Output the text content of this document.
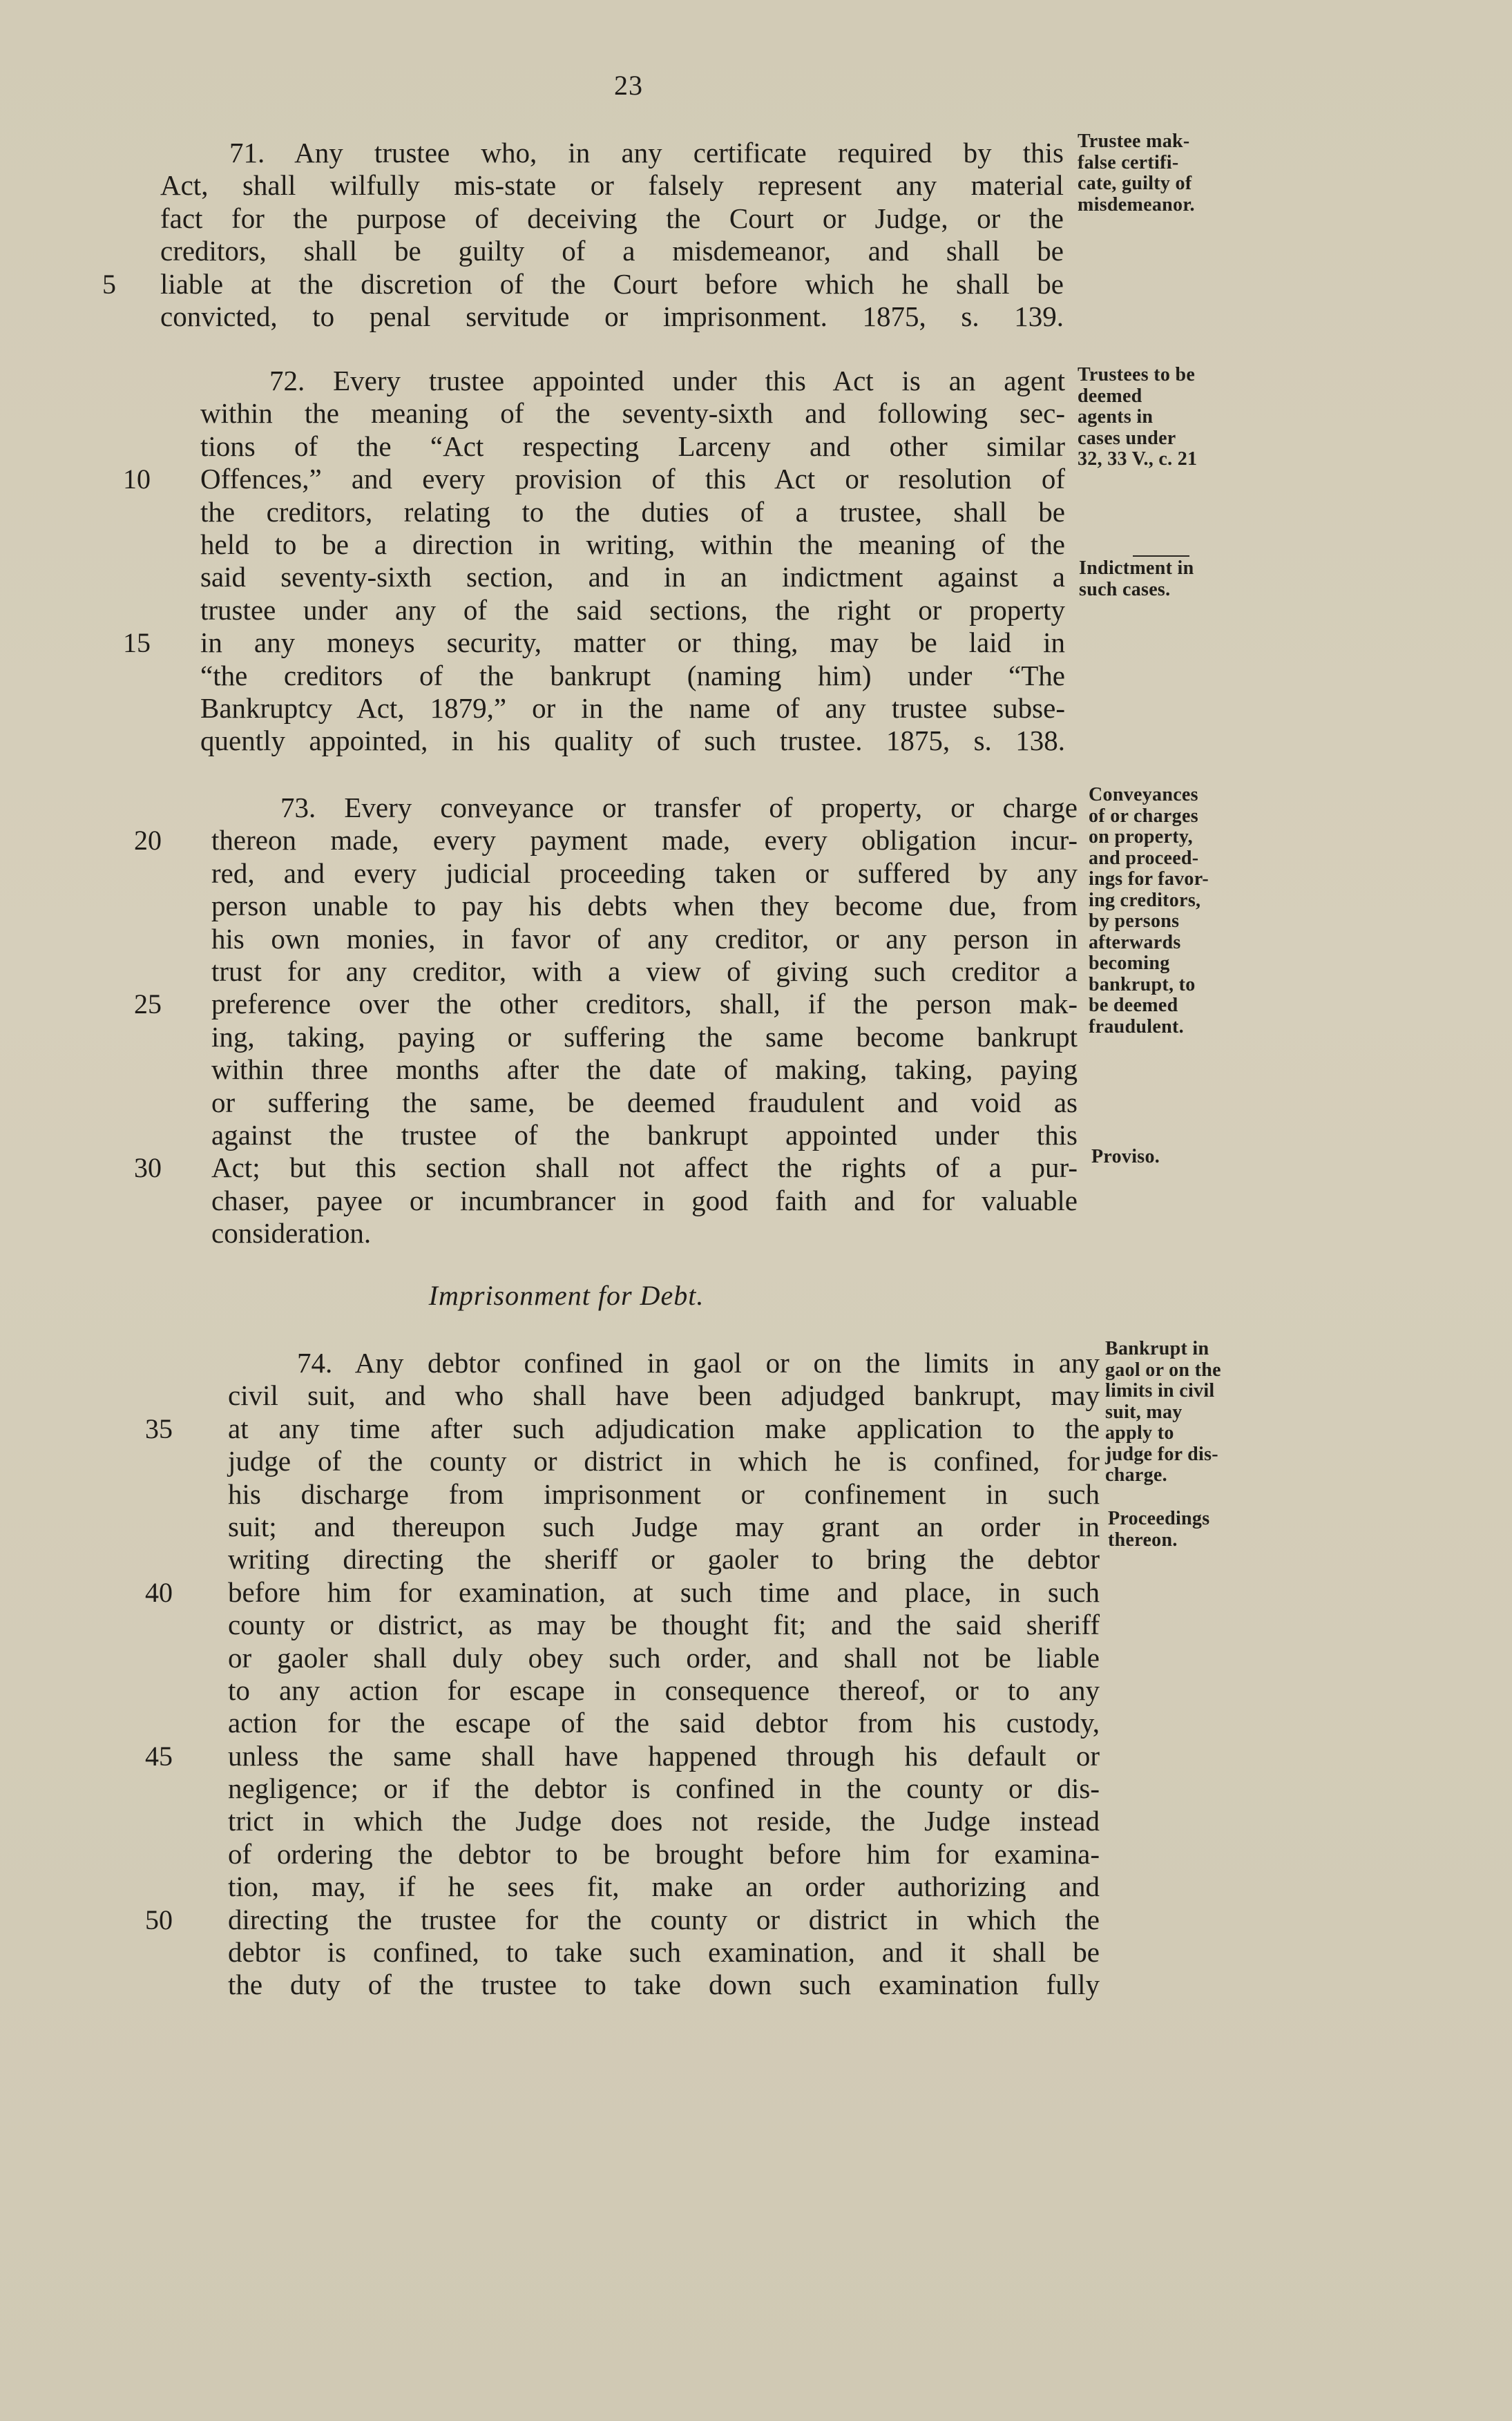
23
71. Any trustee who, in any certificate required by this
Act, shall wilfully mis-state or falsely represent any material
fact for the purpose of deceiving the Court or Judge, or the
creditors, shall be guilty of a misdemeanor, and shall be
5	liable at the discretion of the Court before which he shall be
convicted, to penal servitude or imprisonment. 1875, s. 139.
Trustee mak-
false certifi-
cate, guilty of
misdemeanor.
72. Every trustee appointed under this Act is an agent
within the meaning of the seventy-sixth and following sec-
tions of the “Act respecting Larceny and other similar
10	Offences,” and every provision of this Act or resolution of
the creditors, relating to the duties of a trustee, shall be
held to be a direction in writing, within the meaning of the
said seventy-sixth section, and in an indictment against a
trustee under any of the said sections, the right or property
15	in any moneys security, matter or thing, may be laid in
“the creditors of the bankrupt (naming him) under “The
Bankruptcy Act, 1879,” or in the name of any trustee subse-
quently appointed, in his quality of such trustee. 1875, s. 138.
Trustees to be
deemed
agents in
cases under
32, 33 V., c. 21
Indictment in
such cases.
73. Every conveyance or transfer of property, or charge
20	thereon made, every payment made, every obligation incur-
red, and every judicial proceeding taken or suffered by any
person unable to pay his debts when they become due, from
his own monies, in favor of any creditor, or any person in
trust for any creditor, with a view of giving such creditor a
25	preference over the other creditors, shall, if the person mak-
ing, taking, paying or suffering the same become bankrupt
within three months after the date of making, taking, paying
or suffering the same, be deemed fraudulent and void as
against the trustee of the bankrupt appointed under this
30	Act; but this section shall not affect the rights of a pur-
chaser, payee or incumbrancer in good faith and for valuable
consideration.
Conveyances
of or charges
on property,
and proceed-
ings for favor-
ing creditors,
by persons
afterwards
becoming
bankrupt, to
be deemed
fraudulent.
Proviso.
Imprisonment for Debt.
74. Any debtor confined in gaol or on the limits in any
civil suit, and who shall have been adjudged bankrupt, may
35	at any time after such adjudication make application to the
judge of the county or district in which he is confined, for
his discharge from imprisonment or confinement in such
suit; and thereupon such Judge may grant an order in
writing directing the sheriff or gaoler to bring the debtor
40	before him for examination, at such time and place, in such
county or district, as may be thought fit; and the said sheriff
or gaoler shall duly obey such order, and shall not be liable
to any action for escape in consequence thereof, or to any
action for the escape of the said debtor from his custody,
45	unless the same shall have happened through his default or
negligence; or if the debtor is confined in the county or dis-
trict in which the Judge does not reside, the Judge instead
of ordering the debtor to be brought before him for examina-
tion, may, if he sees fit, make an order authorizing and
50	directing the trustee for the county or district in which the
debtor is confined, to take such examination, and it shall be
the duty of the trustee to take down such examination fully
Bankrupt in
gaol or on the
limits in civil
suit, may
apply to
judge for dis-
charge.
Proceedings
thereon.
